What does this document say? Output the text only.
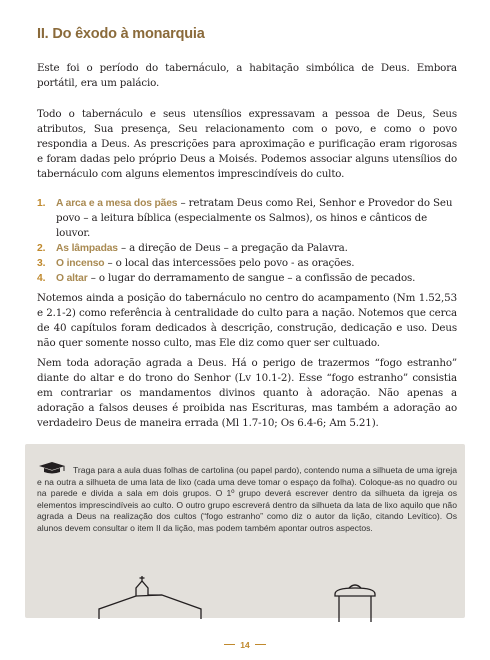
II. Do êxodo à monarquia

Este foi o período do tabernáculo, a habitação simbólica de Deus. Embora portátil, era um palácio.

Todo o tabernáculo e seus utensílios expressavam a pessoa de Deus, Seus atributos, Sua presença, Seu relacionamento com o povo, e como o povo respondia a Deus. As prescrições para aproximação e purificação eram rigorosas e foram dadas pelo próprio Deus a Moisés. Podemos associar alguns utensílios do tabernáculo com alguns elementos imprescindíveis do culto.

1. A arca e a mesa dos pães – retratam Deus como Rei, Senhor e Provedor do Seu povo – a leitura bíblica (especialmente os Salmos), os hinos e cânticos de louvor.
2. As lâmpadas – a direção de Deus – a pregação da Palavra.
3. O incenso – o local das intercessões pelo povo - as orações.
4. O altar – o lugar do derramamento de sangue – a confissão de pecados.

Notemos ainda a posição do tabernáculo no centro do acampamento (Nm 1.52,53 e 2.1-2) como referência à centralidade do culto para a nação. Notemos que cerca de 40 capítulos foram dedicados à descrição, construção, dedicação e uso. Deus não quer somente nosso culto, mas Ele diz como quer ser cultuado.

Nem toda adoração agrada a Deus. Há o perigo de trazermos “fogo estranho” diante do altar e do trono do Senhor (Lv 10.1-2). Esse “fogo estranho” consistia em contrariar os mandamentos divinos quanto à adoração. Não apenas a adoração a falsos deuses é proibida nas Escrituras, mas também a adoração ao verdadeiro Deus de maneira errada (Ml 1.7-10; Os 6.4-6; Am 5.21).

Traga para a aula duas folhas de cartolina (ou papel pardo), contendo numa a silhueta de uma igreja e na outra a silhueta de uma lata de lixo (cada uma deve tomar o espaço da folha). Coloque-as no quadro ou na parede e divida a sala em dois grupos. O 1º grupo deverá escrever dentro da silhueta da igreja os elementos imprescindíveis ao culto. O outro grupo escreverá dentro da silhueta da lata de lixo aquilo que não agrada a Deus na realização dos cultos (“fogo estranho” como diz o autor da lição, citando Levítico). Os alunos devem consultar o item II da lição, mas podem também apontar outros aspectos.

14
